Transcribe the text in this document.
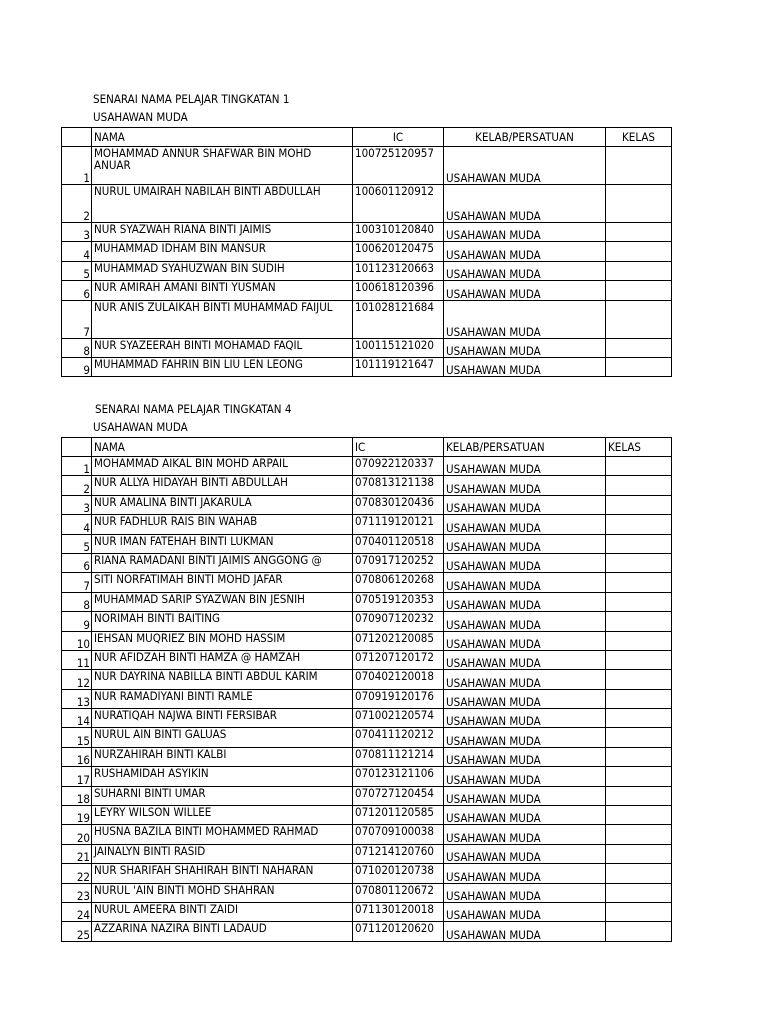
SENARAI NAMA PELAJAR TINGKATAN 1
USAHAWAN MUDA
	NAMA	IC	KELAB/PERSATUAN	KELAS
1	MOHAMMAD ANNUR SHAFWAR BIN MOHD ANUAR	100725120957	USAHAWAN MUDA	
2	NURUL UMAIRAH NABILAH BINTI ABDULLAH	100601120912	USAHAWAN MUDA	
3	NUR SYAZWAH RIANA BINTI JAIMIS	100310120840	USAHAWAN MUDA	
4	MUHAMMAD IDHAM BIN MANSUR	100620120475	USAHAWAN MUDA	
5	MUHAMMAD SYAHUZWAN BIN SUDIH	101123120663	USAHAWAN MUDA	
6	NUR AMIRAH AMANI BINTI YUSMAN	100618120396	USAHAWAN MUDA	
7	NUR ANIS ZULAIKAH BINTI MUHAMMAD FAIJUL	101028121684	USAHAWAN MUDA	
8	NUR SYAZEERAH BINTI MOHAMAD FAQIL	100115121020	USAHAWAN MUDA	
9	MUHAMMAD FAHRIN BIN LIU LEN LEONG	101119121647	USAHAWAN MUDA	
SENARAI NAMA PELAJAR TINGKATAN 4
USAHAWAN MUDA
	NAMA	IC	KELAB/PERSATUAN	KELAS
1	MOHAMMAD AIKAL BIN MOHD ARPAIL	070922120337	USAHAWAN MUDA	
2	NUR ALLYA HIDAYAH BINTI ABDULLAH	070813121138	USAHAWAN MUDA	
3	NUR AMALINA BINTI JAKARULA	070830120436	USAHAWAN MUDA	
4	NUR FADHLUR RAIS BIN WAHAB	071119120121	USAHAWAN MUDA	
5	NUR IMAN FATEHAH BINTI LUKMAN	070401120518	USAHAWAN MUDA	
6	RIANA RAMADANI BINTI JAIMIS ANGGONG @	070917120252	USAHAWAN MUDA	
7	SITI NORFATIMAH BINTI MOHD JAFAR	070806120268	USAHAWAN MUDA	
8	MUHAMMAD SARIP SYAZWAN BIN JESNIH	070519120353	USAHAWAN MUDA	
9	NORIMAH BINTI BAITING	070907120232	USAHAWAN MUDA	
10	IEHSAN MUQRIEZ BIN MOHD HASSIM	071202120085	USAHAWAN MUDA	
11	NUR AFIDZAH BINTI HAMZA @ HAMZAH	071207120172	USAHAWAN MUDA	
12	NUR DAYRINA NABILLA BINTI ABDUL KARIM	070402120018	USAHAWAN MUDA	
13	NUR RAMADIYANI BINTI RAMLE	070919120176	USAHAWAN MUDA	
14	NURATIQAH NAJWA BINTI FERSIBAR	071002120574	USAHAWAN MUDA	
15	NURUL AIN BINTI GALUAS	070411120212	USAHAWAN MUDA	
16	NURZAHIRAH BINTI KALBI	070811121214	USAHAWAN MUDA	
17	RUSHAMIDAH ASYIKIN	070123121106	USAHAWAN MUDA	
18	SUHARNI BINTI UMAR	070727120454	USAHAWAN MUDA	
19	LEYRY WILSON WILLEE	071201120585	USAHAWAN MUDA	
20	HUSNA BAZILA BINTI MOHAMMED RAHMAD	070709100038	USAHAWAN MUDA	
21	JAINALYN BINTI RASID	071214120760	USAHAWAN MUDA	
22	NUR SHARIFAH SHAHIRAH BINTI NAHARAN	071020120738	USAHAWAN MUDA	
23	NURUL 'AIN BINTI MOHD SHAHRAN	070801120672	USAHAWAN MUDA	
24	NURUL AMEERA BINTI ZAIDI	071130120018	USAHAWAN MUDA	
25	AZZARINA NAZIRA BINTI LADAUD	071120120620	USAHAWAN MUDA	
